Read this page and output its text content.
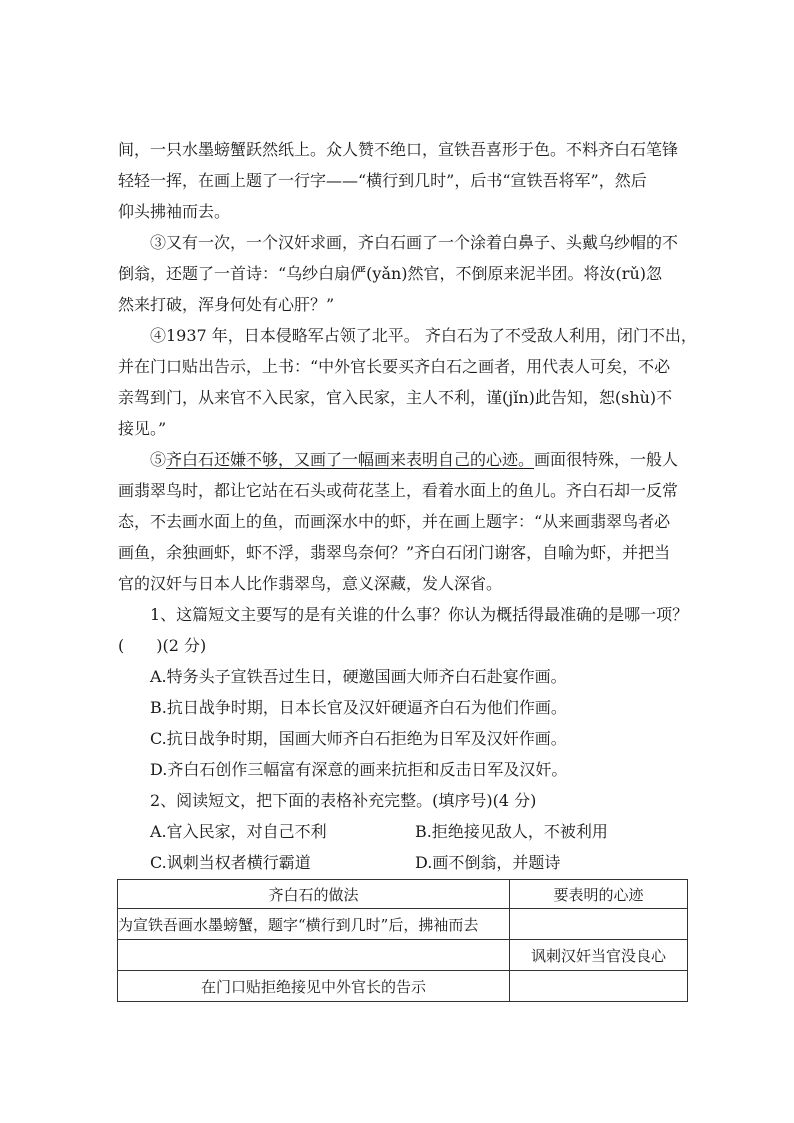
间，一只水墨螃蟹跃然纸上。众人赞不绝口，宣铁吾喜形于色。不料齐白石笔锋
轻轻一挥，在画上题了一行字——“横行到几时”，后书“宣铁吾将军”，然后
仰头拂袖而去。
③又有一次，一个汉奸求画，齐白石画了一个涂着白鼻子、头戴乌纱帽的不
倒翁，还题了一首诗：“乌纱白扇俨(yǎn)然官，不倒原来泥半团。将汝(rǔ)忽
然来打破，浑身何处有心肝？”
④1937 年，日本侵略军占领了北平。 齐白石为了不受敌人利用，闭门不出，
并在门口贴出告示，上书：“中外官长要买齐白石之画者，用代表人可矣，不必
亲驾到门，从来官不入民家，官入民家，主人不利，谨(jǐn)此告知，恕(shù)不
接见。”
⑤齐白石还嫌不够，又画了一幅画来表明自己的心迹。画面很特殊，一般人
画翡翠鸟时，都让它站在石头或荷花茎上，看着水面上的鱼儿。齐白石却一反常
态，不去画水面上的鱼，而画深水中的虾，并在画上题字：“从来画翡翠鸟者必
画鱼，余独画虾，虾不浮，翡翠鸟奈何？”齐白石闭门谢客，自喻为虾，并把当
官的汉奸与日本人比作翡翠鸟，意义深藏，发人深省。
1、这篇短文主要写的是有关谁的什么事？你认为概括得最准确的是哪一项？
(　　)(2 分)
A.特务头子宣铁吾过生日，硬邀国画大师齐白石赴宴作画。
B.抗日战争时期，日本长官及汉奸硬逼齐白石为他们作画。
C.抗日战争时期，国画大师齐白石拒绝为日军及汉奸作画。
D.齐白石创作三幅富有深意的画来抗拒和反击日军及汉奸。
2、阅读短文，把下面的表格补充完整。(填序号)(4 分)
A.官入民家，对自己不利	B.拒绝接见敌人，不被利用
C.讽刺当权者横行霸道	D.画不倒翁，并题诗
齐白石的做法	要表明的心迹
为宣铁吾画水墨螃蟹，题字“横行到几时”后，拂袖而去	
	讽刺汉奸当官没良心
在门口贴拒绝接见中外官长的告示	
